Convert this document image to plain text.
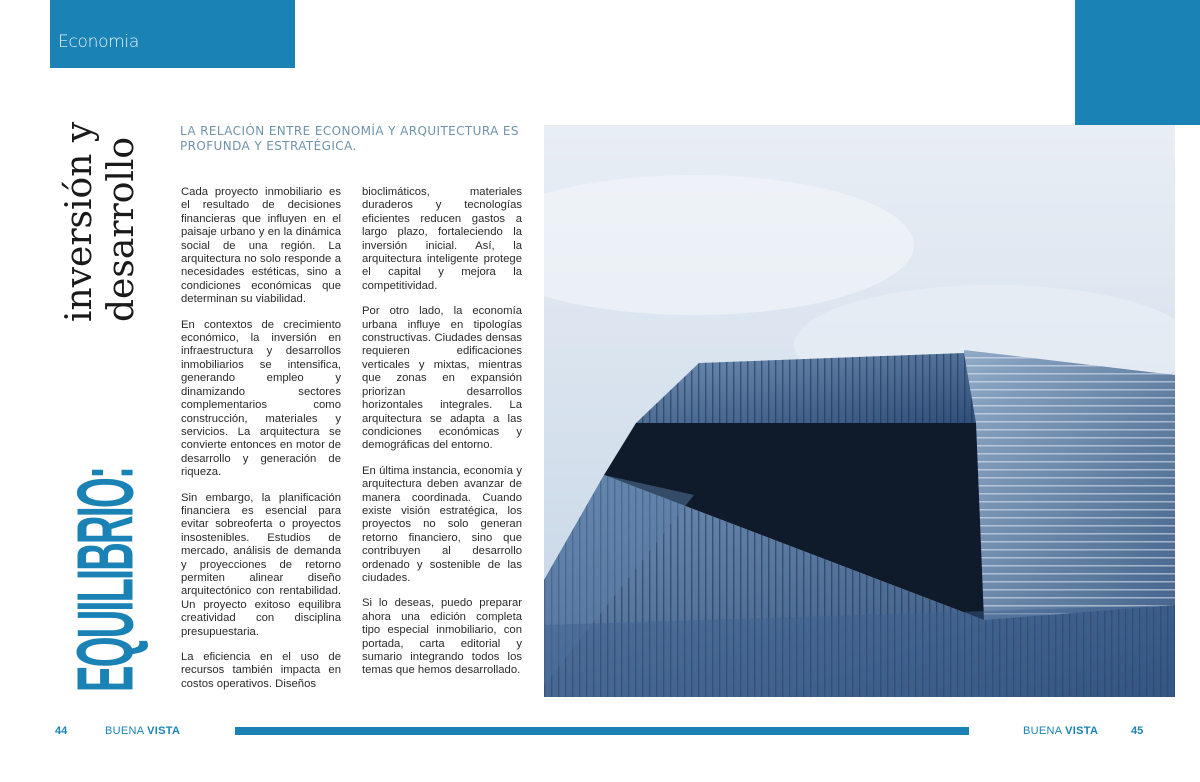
Economia
EQUILIBRIO:
inversión y desarrollo
LA RELACIÓN ENTRE ECONOMÍA Y ARQUITECTURA ES PROFUNDA Y ESTRATÉGICA.

Cada proyecto inmobiliario es el resultado de decisiones financieras que influyen en el paisaje urbano y en la dinámica social de una región. La arquitectura no solo responde a necesidades estéticas, sino a condiciones económicas que determinan su viabilidad.

En contextos de crecimiento económico, la inversión en infraestructura y desarrollos inmobiliarios se intensifica, generando empleo y dinamizando sectores complementarios como construcción, materiales y servicios. La arquitectura se convierte entonces en motor de desarrollo y generación de riqueza.

Sin embargo, la planificación financiera es esencial para evitar sobreoferta o proyectos insostenibles. Estudios de mercado, análisis de demanda y proyecciones de retorno permiten alinear diseño arquitectónico con rentabilidad. Un proyecto exitoso equilibra creatividad con disciplina presupuestaria.

La eficiencia en el uso de recursos también impacta en costos operativos. Diseños

bioclimáticos, materiales duraderos y tecnologías eficientes reducen gastos a largo plazo, fortaleciendo la inversión inicial. Así, la arquitectura inteligente protege el capital y mejora la competitividad.

Por otro lado, la economía urbana influye en tipologías constructivas. Ciudades densas requieren edificaciones verticales y mixtas, mientras que zonas en expansión priorizan desarrollos horizontales integrales. La arquitectura se adapta a las condiciones económicas y demográficas del entorno.

En última instancia, economía y arquitectura deben avanzar de manera coordinada. Cuando existe visión estratégica, los proyectos no solo generan retorno financiero, sino que contribuyen al desarrollo ordenado y sostenible de las ciudades.

Si lo deseas, puedo preparar ahora una edición completa tipo especial inmobiliario, con portada, carta editorial y sumario integrando todos los temas que hemos desarrollado.

44	BUENA VISTA	BUENA VISTA	45
